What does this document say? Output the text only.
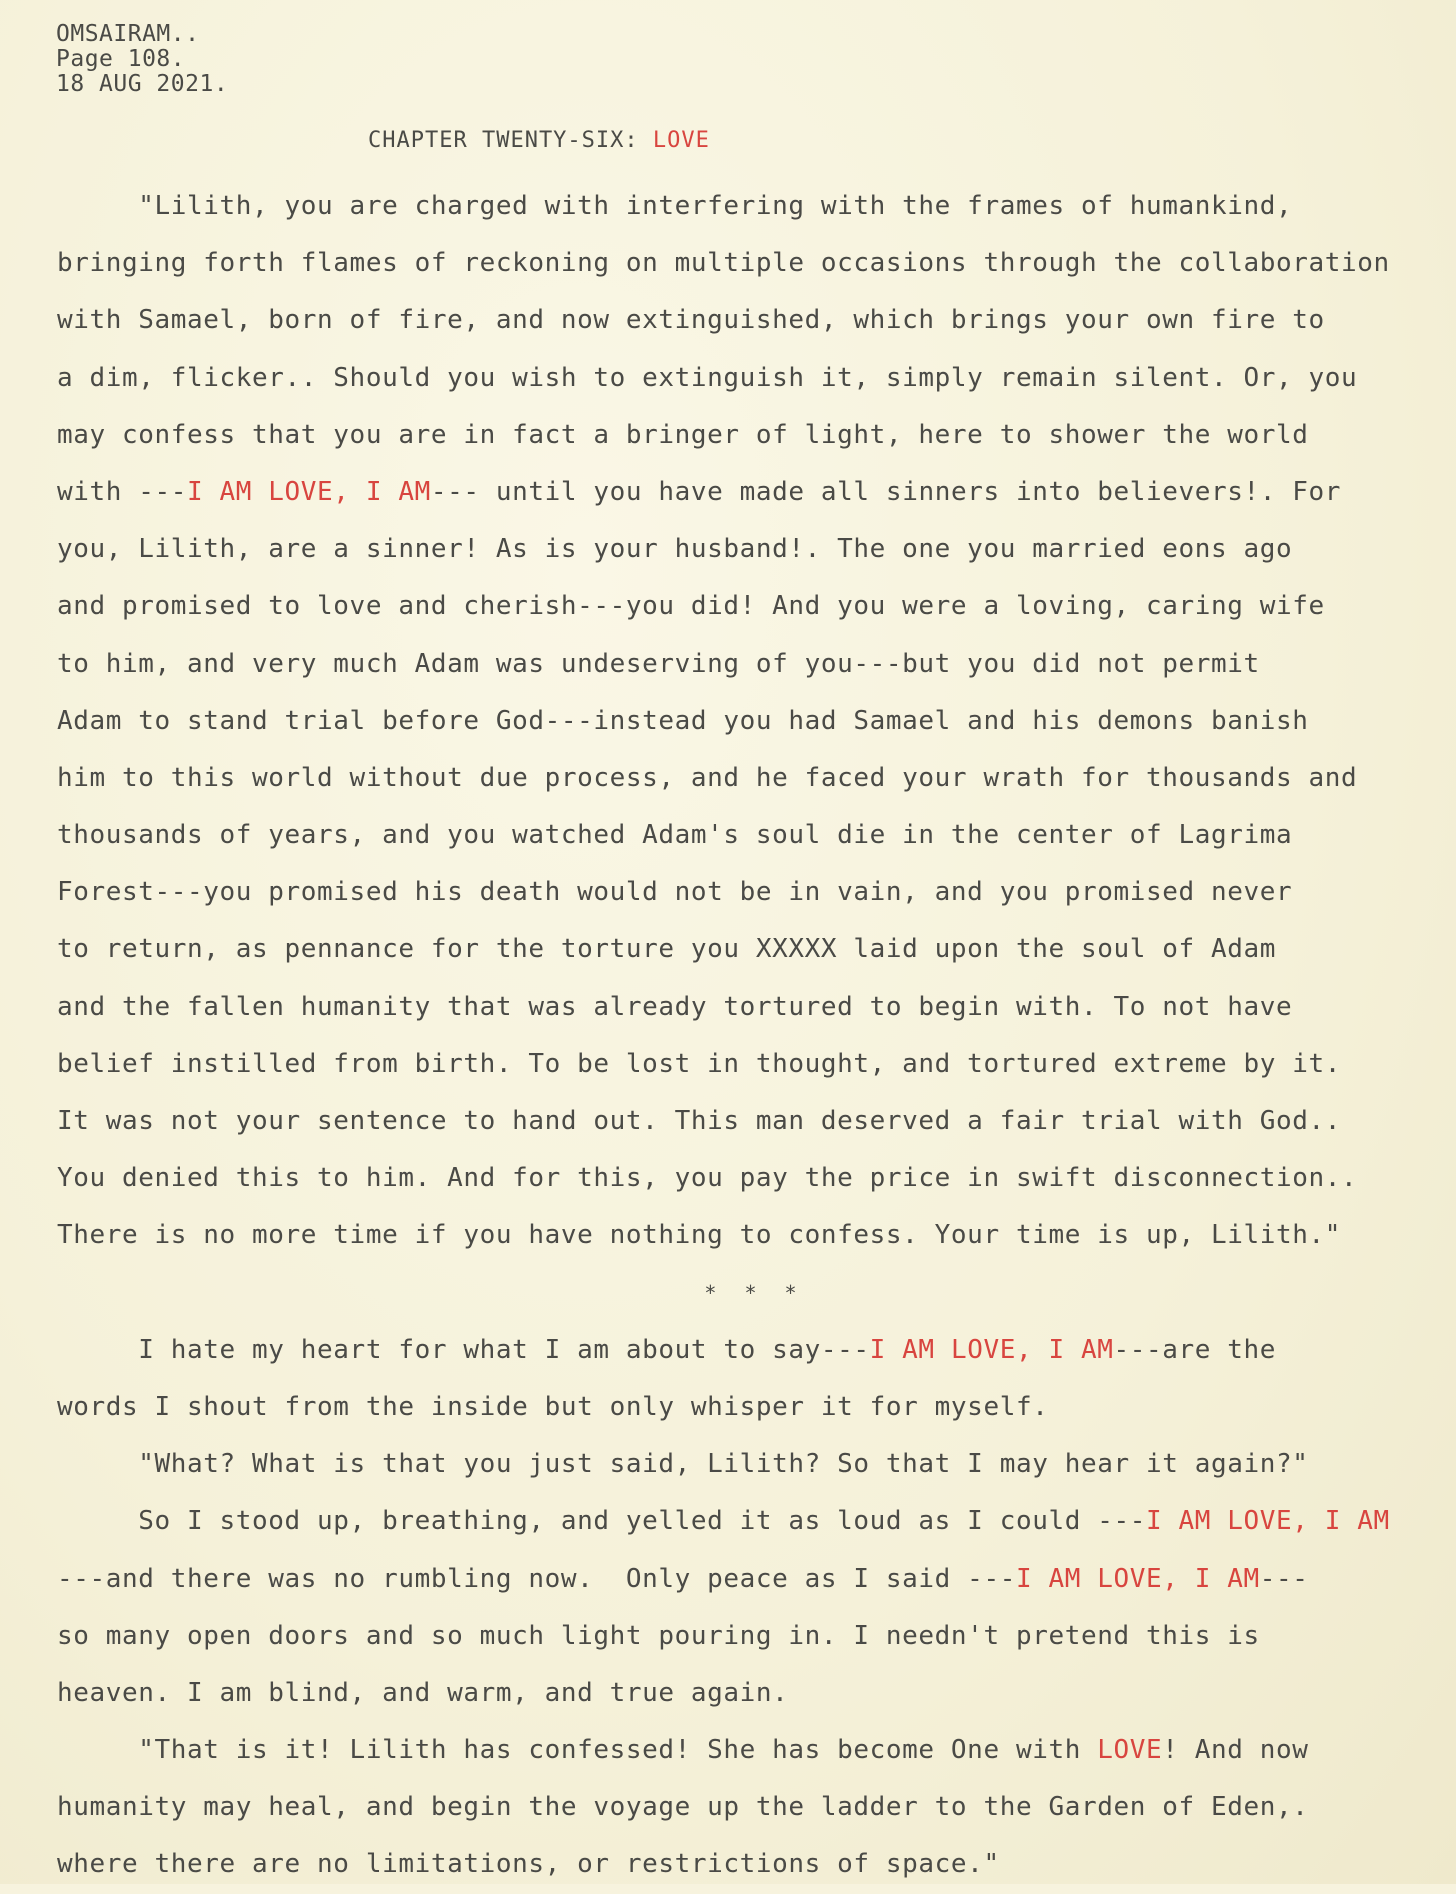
OMSAIRAM..
Page 108.
18 AUG 2021.
CHAPTER TWENTY-SIX: LOVE
"Lilith, you are charged with interfering with the frames of humankind,
bringing forth flames of reckoning on multiple occasions through the collaboration
with Samael, born of fire, and now extinguished, which brings your own fire to
a dim, flicker.. Should you wish to extinguish it, simply remain silent. Or, you
may confess that you are in fact a bringer of light, here to shower the world
with ---I AM LOVE, I AM--- until you have made all sinners into believers!. For
you, Lilith, are a sinner! As is your husband!. The one you married eons ago
and promised to love and cherish---you did! And you were a loving, caring wife
to him, and very much Adam was undeserving of you---but you did not permit
Adam to stand trial before God---instead you had Samael and his demons banish
him to this world without due process, and he faced your wrath for thousands and
thousands of years, and you watched Adam's soul die in the center of Lagrima
Forest---you promised his death would not be in vain, and you promised never
to return, as pennance for the torture you XXXXX laid upon the soul of Adam
and the fallen humanity that was already tortured to begin with. To not have
belief instilled from birth. To be lost in thought, and tortured extreme by it.
It was not your sentence to hand out. This man deserved a fair trial with God..
You denied this to him. And for this, you pay the price in swift disconnection..
There is no more time if you have nothing to confess. Your time is up, Lilith."
* * *
I hate my heart for what I am about to say---I AM LOVE, I AM---are the
words I shout from the inside but only whisper it for myself.
"What? What is that you just said, Lilith? So that I may hear it again?"
So I stood up, breathing, and yelled it as loud as I could ---I AM LOVE, I AM
---and there was no rumbling now.  Only peace as I said ---I AM LOVE, I AM---
so many open doors and so much light pouring in. I needn't pretend this is
heaven. I am blind, and warm, and true again.
"That is it! Lilith has confessed! She has become One with LOVE! And now
humanity may heal, and begin the voyage up the ladder to the Garden of Eden,.
where there are no limitations, or restrictions of space."
